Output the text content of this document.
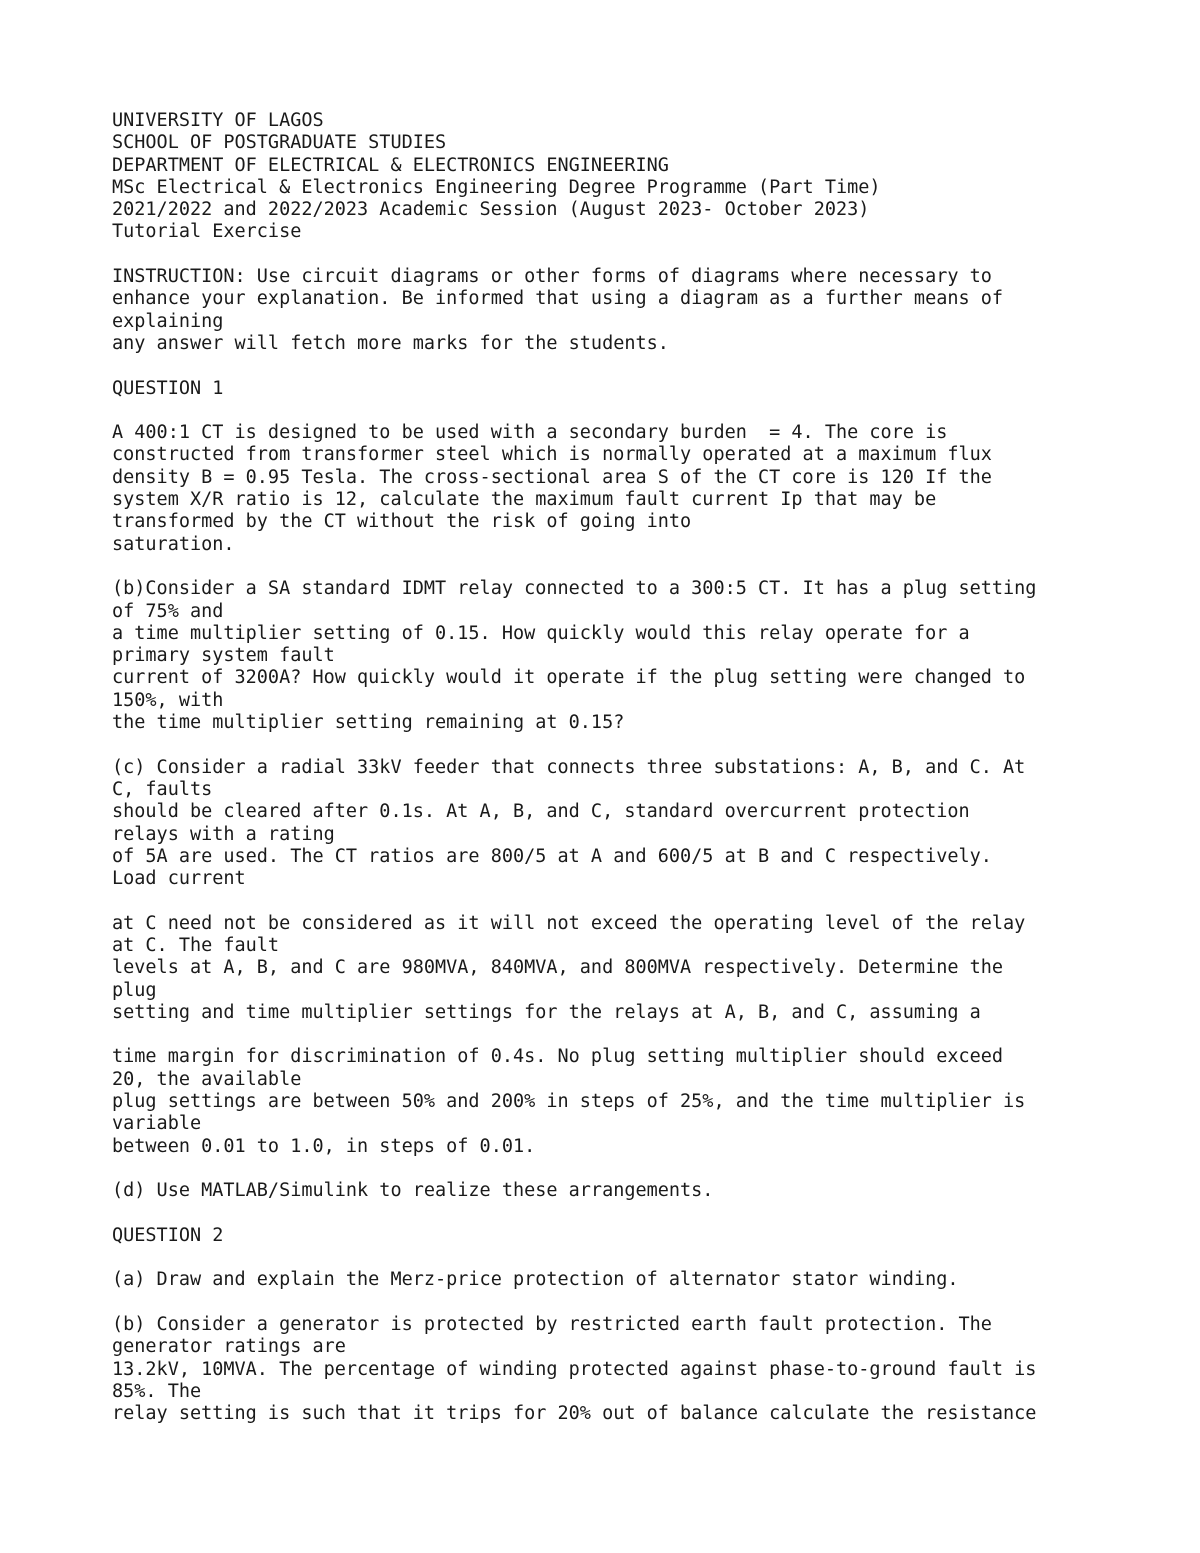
UNIVERSITY OF LAGOS
SCHOOL OF POSTGRADUATE STUDIES
DEPARTMENT OF ELECTRICAL & ELECTRONICS ENGINEERING
MSc Electrical & Electronics Engineering Degree Programme (Part Time)
2021/2022 and 2022/2023 Academic Session (August 2023- October 2023)
Tutorial Exercise
INSTRUCTION: Use circuit diagrams or other forms of diagrams where necessary to
enhance your explanation. Be informed that using a diagram as a further means of
explaining
any answer will fetch more marks for the students.
QUESTION 1
A 400:1 CT is designed to be used with a secondary burden  = 4. The core is
constructed from transformer steel which is normally operated at a maximum flux
density B = 0.95 Tesla. The cross-sectional area S of the CT core is 120 If the
system X/R ratio is 12, calculate the maximum fault current Ip that may be
transformed by the CT without the risk of going into
saturation.
(b)Consider a SA standard IDMT relay connected to a 300:5 CT. It has a plug setting
of 75% and
a time multiplier setting of 0.15. How quickly would this relay operate for a
primary system fault
current of 3200A? How quickly would it operate if the plug setting were changed to
150%, with
the time multiplier setting remaining at 0.15?
(c) Consider a radial 33kV feeder that connects three substations: A, B, and C. At
C, faults
should be cleared after 0.1s. At A, B, and C, standard overcurrent protection
relays with a rating
of 5A are used. The CT ratios are 800/5 at A and 600/5 at B and C respectively.
Load current
at C need not be considered as it will not exceed the operating level of the relay
at C. The fault
levels at A, B, and C are 980MVA, 840MVA, and 800MVA respectively. Determine the
plug
setting and time multiplier settings for the relays at A, B, and C, assuming a
time margin for discrimination of 0.4s. No plug setting multiplier should exceed
20, the available
plug settings are between 50% and 200% in steps of 25%, and the time multiplier is
variable
between 0.01 to 1.0, in steps of 0.01.
(d) Use MATLAB/Simulink to realize these arrangements.
QUESTION 2
(a) Draw and explain the Merz-price protection of alternator stator winding.
(b) Consider a generator is protected by restricted earth fault protection. The
generator ratings are
13.2kV, 10MVA. The percentage of winding protected against phase-to-ground fault is
85%. The
relay setting is such that it trips for 20% out of balance calculate the resistance
